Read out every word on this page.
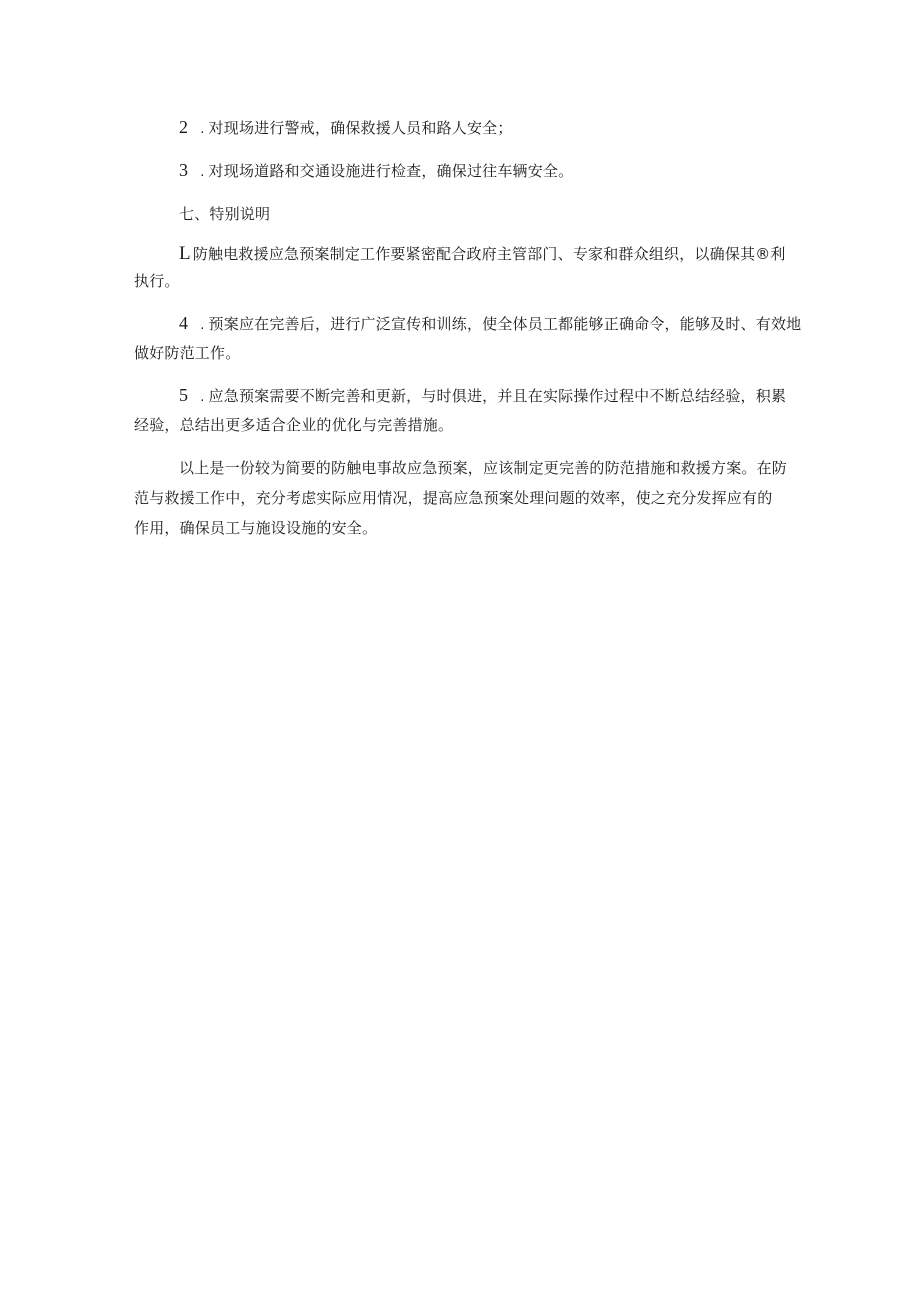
2 . 对现场进行警戒，确保救援人员和路人安全；
3 . 对现场道路和交通设施进行检查，确保过往车辆安全。
七、特别说明
L 防触电救援应急预案制定工作要紧密配合政府主管部门、专家和群众组织，以确保其®利
执行。
4 . 预案应在完善后，进行广泛宣传和训练，使全体员工都能够正确命令，能够及时、有效地
做好防范工作。
5 . 应急预案需要不断完善和更新，与时俱进，并且在实际操作过程中不断总结经验，积累
经验，总结出更多适合企业的优化与完善措施。
以上是一份较为简要的防触电事故应急预案，应该制定更完善的防范措施和救援方案。在防
范与救援工作中，充分考虑实际应用情况，提高应急预案处理问题的效率，使之充分发挥应有的
作用，确保员工与施设设施的安全。
